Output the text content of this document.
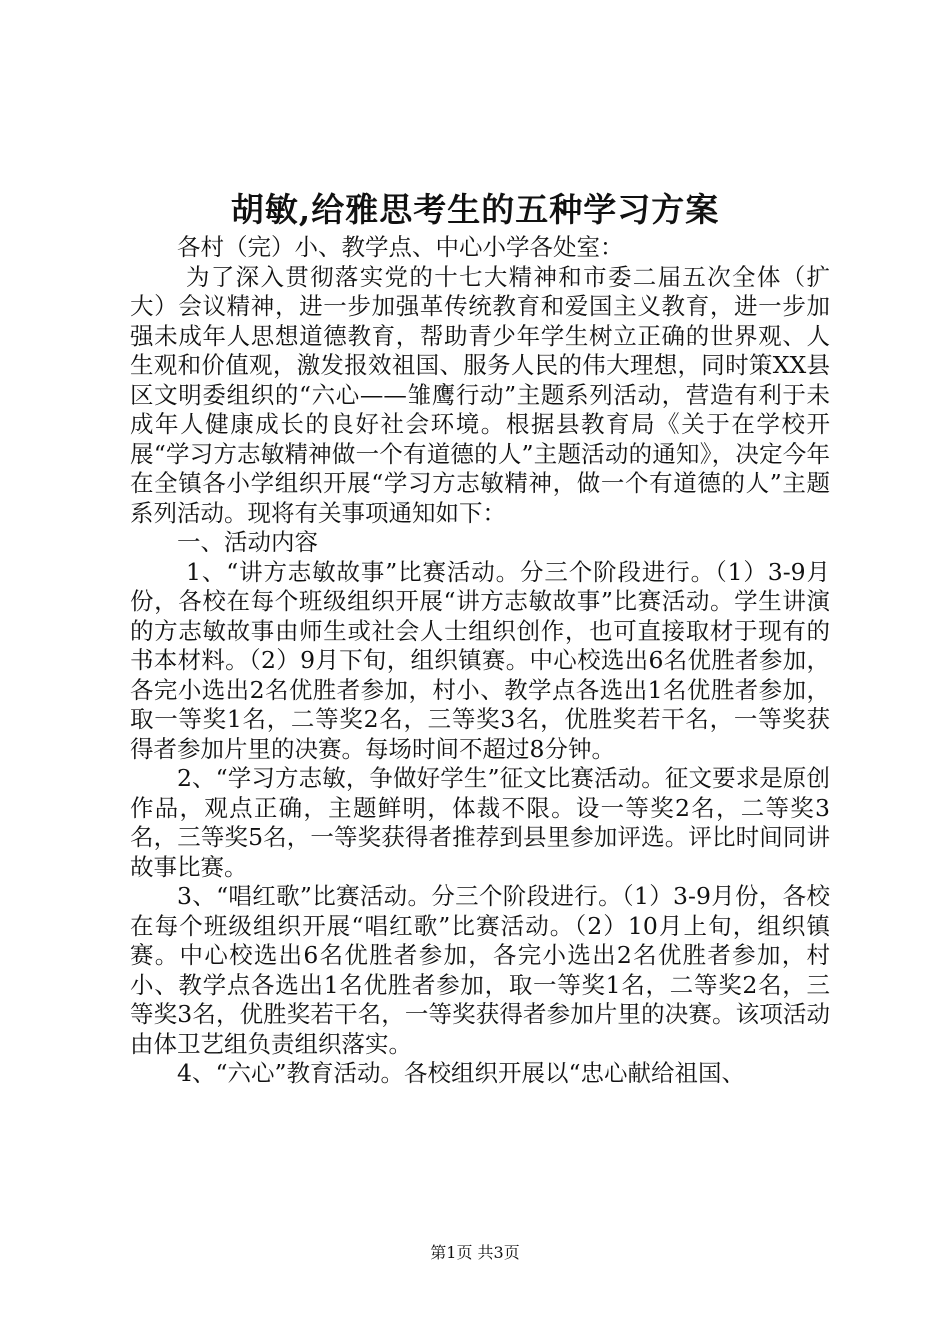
胡敏,给雅思考生的五种学习方案

各村（完）小、教学点、中心小学各处室：

为了深入贯彻落实党的十七大精神和市委二届五次全体（扩大）会议精神，进一步加强革传统教育和爱国主义教育，进一步加强未成年人思想道德教育，帮助青少年学生树立正确的世界观、人生观和价值观，激发报效祖国、服务人民的伟大理想，同时策XX县区文明委组织的“六心——雏鹰行动”主题系列活动，营造有利于未成年人健康成长的良好社会环境。根据县教育局《关于在学校开展“学习方志敏精神做一个有道德的人”主题活动的通知》，决定今年在全镇各小学组织开展“学习方志敏精神，做一个有道德的人”主题系列活动。现将有关事项通知如下：

一、活动内容

1、“讲方志敏故事”比赛活动。分三个阶段进行。（1）3-9月份，各校在每个班级组织开展“讲方志敏故事”比赛活动。学生讲演的方志敏故事由师生或社会人士组织创作，也可直接取材于现有的书本材料。（2）9月下旬，组织镇赛。中心校选出6名优胜者参加，各完小选出2名优胜者参加，村小、教学点各选出1名优胜者参加，取一等奖1名，二等奖2名，三等奖3名，优胜奖若干名，一等奖获得者参加片里的决赛。每场时间不超过8分钟。

2、“学习方志敏，争做好学生”征文比赛活动。征文要求是原创作品，观点正确，主题鲜明，体裁不限。设一等奖2名，二等奖3名，三等奖5名，一等奖获得者推荐到县里参加评选。评比时间同讲故事比赛。

3、“唱红歌”比赛活动。分三个阶段进行。（1）3-9月份，各校在每个班级组织开展“唱红歌”比赛活动。（2）10月上旬，组织镇赛。中心校选出6名优胜者参加，各完小选出2名优胜者参加，村小、教学点各选出1名优胜者参加，取一等奖1名，二等奖2名，三等奖3名，优胜奖若干名，一等奖获得者参加片里的决赛。该项活动由体卫艺组负责组织落实。

4、“六心”教育活动。各校组织开展以“忠心献给祖国、

第1页 共3页
